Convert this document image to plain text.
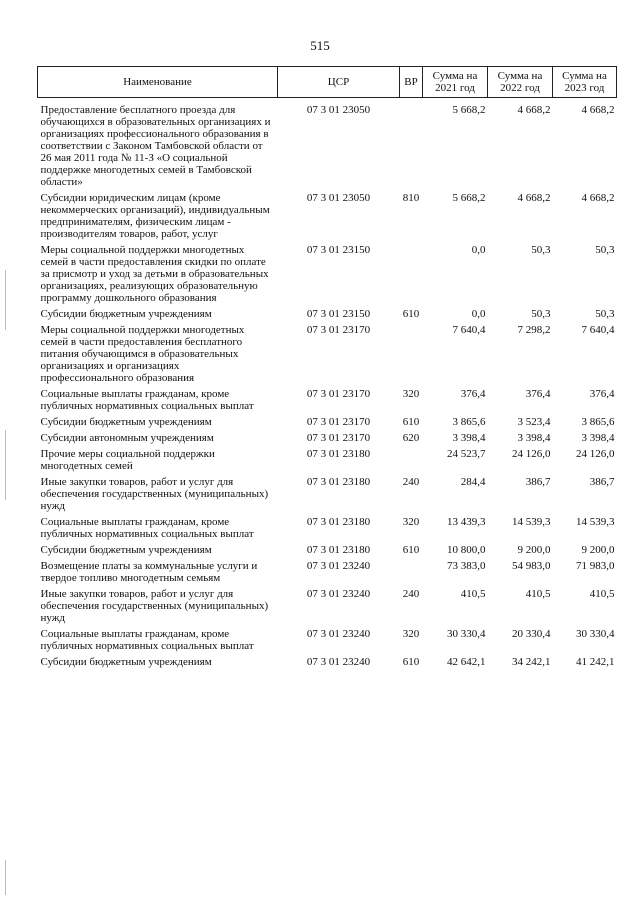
515
Наименование	ЦСР	ВР	Сумма на 2021 год	Сумма на 2022 год	Сумма на 2023 год
Предоставление бесплатного проезда для обучающихся в образовательных организациях и организациях профессионального образования в соответствии с Законом Тамбовской области от 26 мая 2011 года № 11-З «О социальной поддержке многодетных семей в Тамбовской области»	07 3 01 23050		5 668,2	4 668,2	4 668,2
Субсидии юридическим лицам (кроме некоммерческих организаций), индивидуальным предпринимателям, физическим лицам - производителям товаров, работ, услуг	07 3 01 23050	810	5 668,2	4 668,2	4 668,2
Меры социальной поддержки многодетных семей в части предоставления скидки по оплате за присмотр и уход за детьми в образовательных организациях, реализующих образовательную программу дошкольного образования	07 3 01 23150		0,0	50,3	50,3
Субсидии бюджетным учреждениям	07 3 01 23150	610	0,0	50,3	50,3
Меры социальной поддержки многодетных семей в части предоставления бесплатного питания обучающимся в образовательных организациях и организациях профессионального образования	07 3 01 23170		7 640,4	7 298,2	7 640,4
Социальные выплаты гражданам, кроме публичных нормативных социальных выплат	07 3 01 23170	320	376,4	376,4	376,4
Субсидии бюджетным учреждениям	07 3 01 23170	610	3 865,6	3 523,4	3 865,6
Субсидии автономным учреждениям	07 3 01 23170	620	3 398,4	3 398,4	3 398,4
Прочие меры социальной поддержки многодетных семей	07 3 01 23180		24 523,7	24 126,0	24 126,0
Иные закупки товаров, работ и услуг для обеспечения государственных (муниципальных) нужд	07 3 01 23180	240	284,4	386,7	386,7
Социальные выплаты гражданам, кроме публичных нормативных социальных выплат	07 3 01 23180	320	13 439,3	14 539,3	14 539,3
Субсидии бюджетным учреждениям	07 3 01 23180	610	10 800,0	9 200,0	9 200,0
Возмещение платы за коммунальные услуги и твердое топливо многодетным семьям	07 3 01 23240		73 383,0	54 983,0	71 983,0
Иные закупки товаров, работ и услуг для обеспечения государственных (муниципальных) нужд	07 3 01 23240	240	410,5	410,5	410,5
Социальные выплаты гражданам, кроме публичных нормативных социальных выплат	07 3 01 23240	320	30 330,4	20 330,4	30 330,4
Субсидии бюджетным учреждениям	07 3 01 23240	610	42 642,1	34 242,1	41 242,1
